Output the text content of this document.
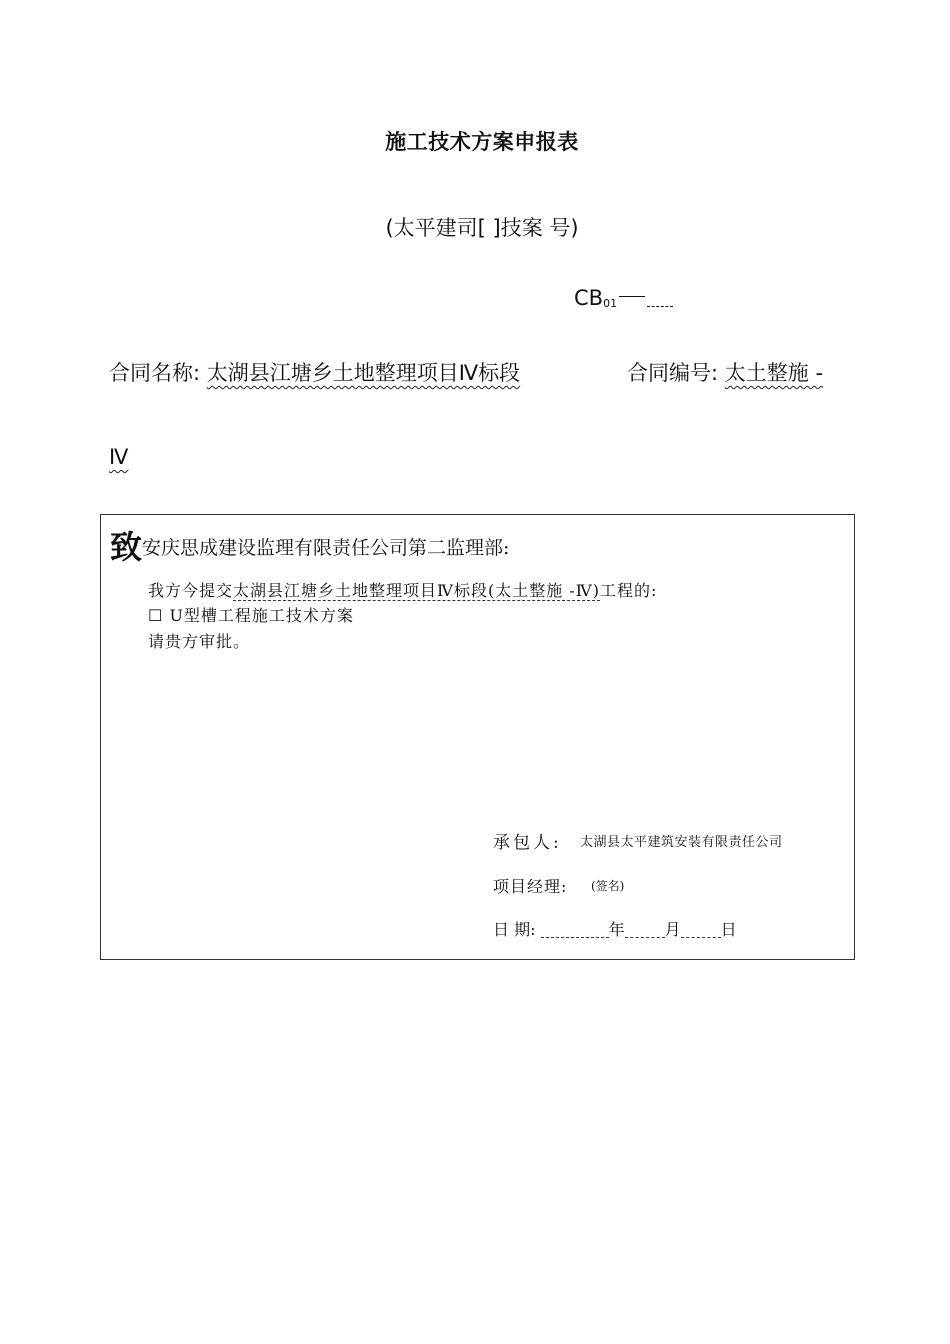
施工技术方案申报表
(太平建司[ ]技案 号)
CB01
合同名称: 太湖县江塘乡土地整理项目Ⅳ标段	合同编号: 太土整施 -
Ⅳ
致安庆思成建设监理有限责任公司第二监理部:
我方今提交太湖县江塘乡土地整理项目Ⅳ标段(太土整施 -Ⅳ)工程的:
☐ U型槽工程施工技术方案
请贵方审批。
承包人: 太湖县太平建筑安装有限责任公司
项目经理: (签名)
日 期:	年	月	日
